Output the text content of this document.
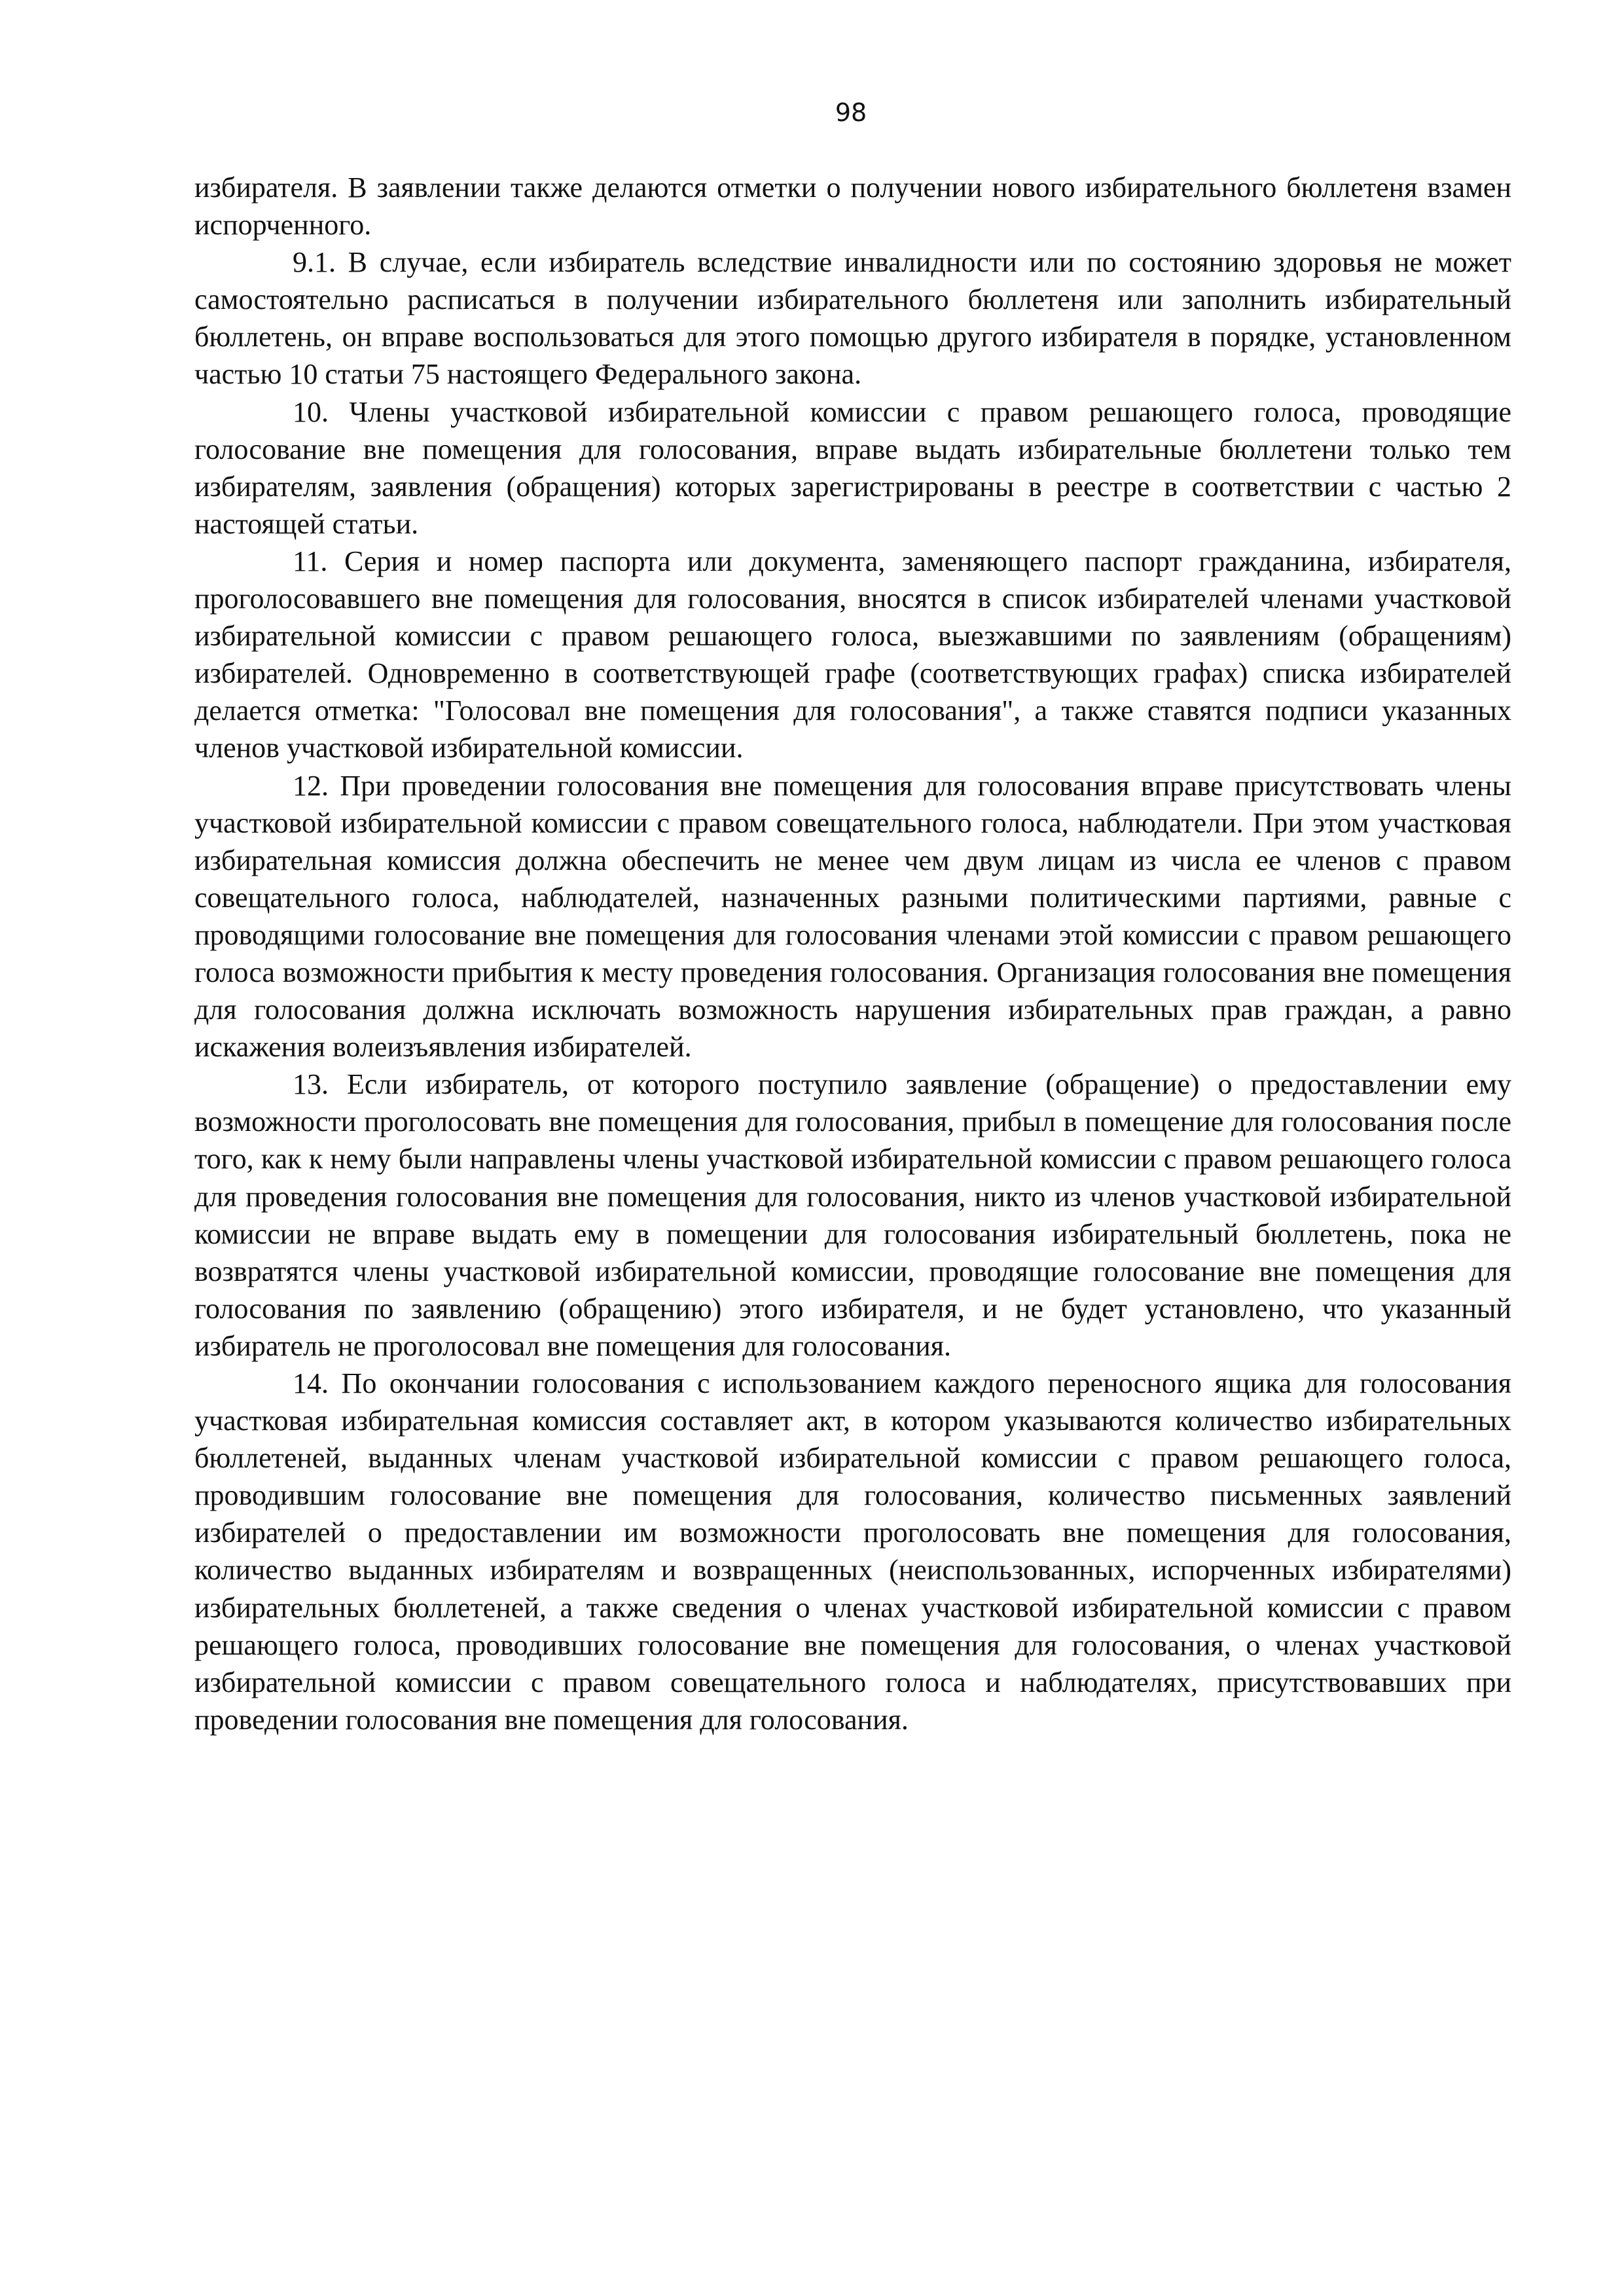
98

избирателя. В заявлении также делаются отметки о получении нового избирательного бюллетеня взамен испорченного.

9.1. В случае, если избиратель вследствие инвалидности или по состоянию здоровья не может самостоятельно расписаться в получении избирательного бюллетеня или заполнить избирательный бюллетень, он вправе воспользоваться для этого помощью другого избирателя в порядке, установленном частью 10 статьи 75 настоящего Федерального закона.

10. Члены участковой избирательной комиссии с правом решающего голоса, проводящие голосование вне помещения для голосования, вправе выдать избирательные бюллетени только тем избирателям, заявления (обращения) которых зарегистрированы в реестре в соответствии с частью 2 настоящей статьи.

11. Серия и номер паспорта или документа, заменяющего паспорт гражданина, избирателя, проголосовавшего вне помещения для голосования, вносятся в список избирателей членами участковой избирательной комиссии с правом решающего голоса, выезжавшими по заявлениям (обращениям) избирателей. Одновременно в соответствующей графе (соответствующих графах) списка избирателей делается отметка: "Голосовал вне помещения для голосования", а также ставятся подписи указанных членов участковой избирательной комиссии.

12. При проведении голосования вне помещения для голосования вправе присутствовать члены участковой избирательной комиссии с правом совещательного голоса, наблюдатели. При этом участковая избирательная комиссия должна обеспечить не менее чем двум лицам из числа ее членов с правом совещательного голоса, наблюдателей, назначенных разными политическими партиями, равные с проводящими голосование вне помещения для голосования членами этой комиссии с правом решающего голоса возможности прибытия к месту проведения голосования. Организация голосования вне помещения для голосования должна исключать возможность нарушения избирательных прав граждан, а равно искажения волеизъявления избирателей.

13. Если избиратель, от которого поступило заявление (обращение) о предоставлении ему возможности проголосовать вне помещения для голосования, прибыл в помещение для голосования после того, как к нему были направлены члены участковой избирательной комиссии с правом решающего голоса для проведения голосования вне помещения для голосования, никто из членов участковой избирательной комиссии не вправе выдать ему в помещении для голосования избирательный бюллетень, пока не возвратятся члены участковой избирательной комиссии, проводящие голосование вне помещения для голосования по заявлению (обращению) этого избирателя, и не будет установлено, что указанный избиратель не проголосовал вне помещения для голосования.

14. По окончании голосования с использованием каждого переносного ящика для голосования участковая избирательная комиссия составляет акт, в котором указываются количество избирательных бюллетеней, выданных членам участковой избирательной комиссии с правом решающего голоса, проводившим голосование вне помещения для голосования, количество письменных заявлений избирателей о предоставлении им возможности проголосовать вне помещения для голосования, количество выданных избирателям и возвращенных (неиспользованных, испорченных избирателями) избирательных бюллетеней, а также сведения о членах участковой избирательной комиссии с правом решающего голоса, проводивших голосование вне помещения для голосования, о членах участковой избирательной комиссии с правом совещательного голоса и наблюдателях, присутствовавших при проведении голосования вне помещения для голосования.
